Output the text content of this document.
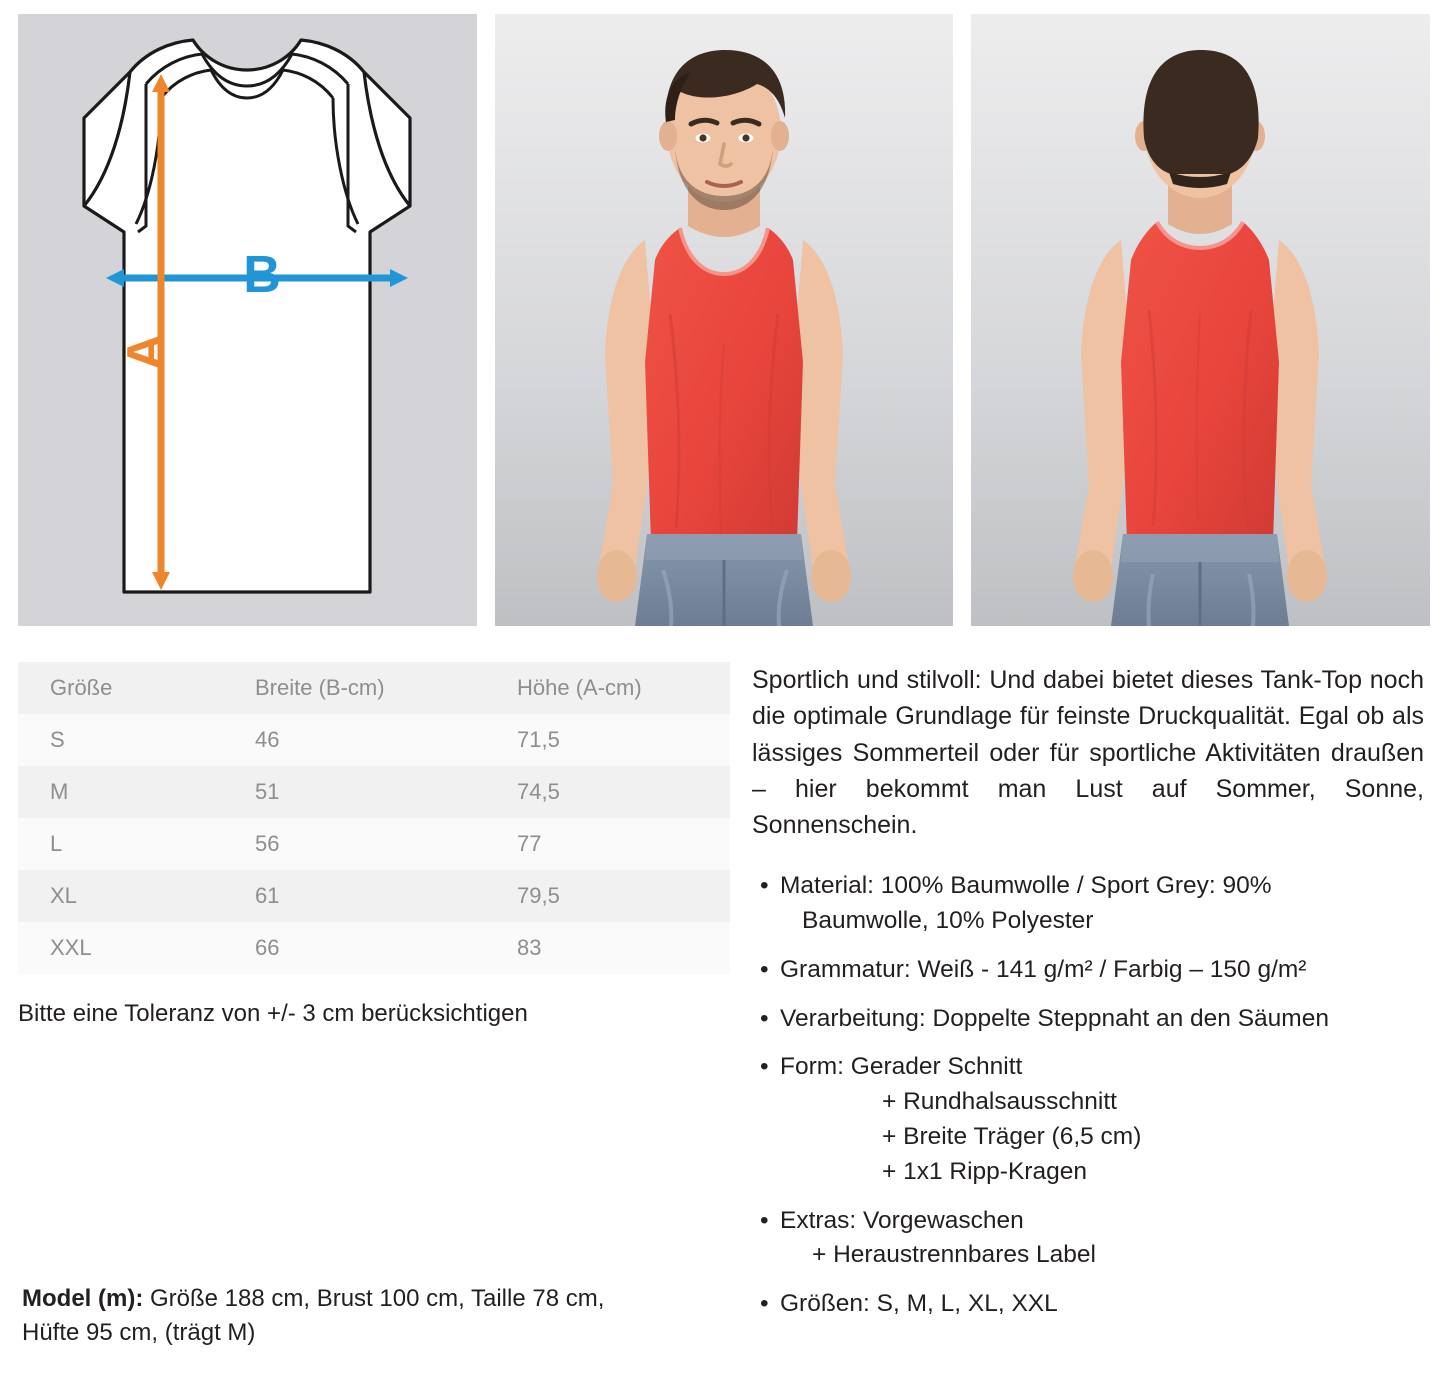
B
A
Größe	Breite (B-cm)	Höhe (A-cm)
S	46	71,5
M	51	74,5
L	56	77
XL	61	79,5
XXL	66	83
Bitte eine Toleranz von +/- 3 cm berücksichtigen
Model (m): Größe 188 cm, Brust 100 cm, Taille 78 cm,
Hüfte 95 cm, (trägt M)

Sportlich und stilvoll: Und dabei bietet dieses Tank-Top noch die optimale Grundlage für feinste Druckqualität. Egal ob als lässiges Sommerteil oder für sportliche Aktivitäten draußen – hier bekommt man Lust auf Sommer, Sonne, Sonnenschein.

• Material: 100% Baumwolle / Sport Grey: 90%
Baumwolle, 10% Polyester
• Grammatur: Weiß - 141 g/m² / Farbig – 150 g/m²
• Verarbeitung: Doppelte Steppnaht an den Säumen
• Form: Gerader Schnitt
+ Rundhalsausschnitt
+ Breite Träger (6,5 cm)
+ 1x1 Ripp-Kragen
• Extras: Vorgewaschen
+ Heraustrennbares Label
• Größen: S, M, L, XL, XXL
